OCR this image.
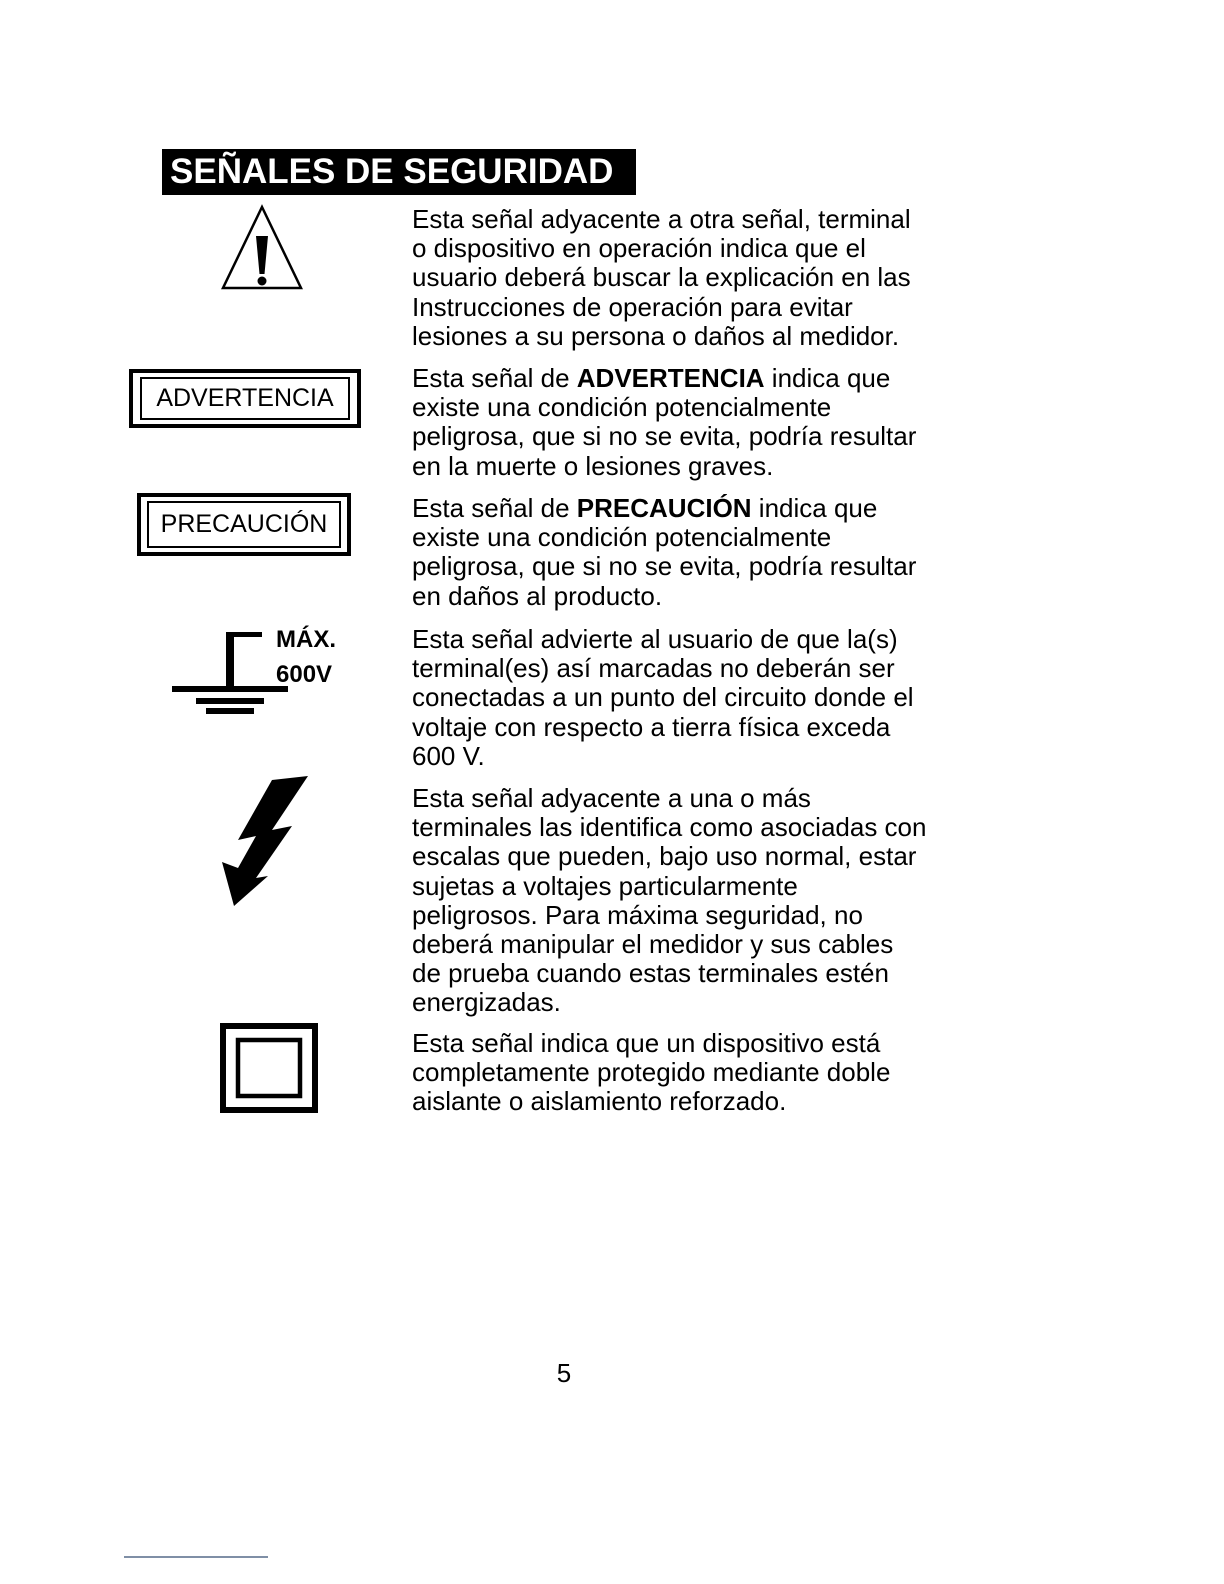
SEÑALES DE SEGURIDAD
Esta señal adyacente a otra señal, terminal
o dispositivo en operación indica que el
usuario deberá buscar la explicación en las
Instrucciones de operación para evitar
lesiones a su persona o daños al medidor.
ADVERTENCIA
Esta señal de ADVERTENCIA indica que
existe una condición potencialmente
peligrosa, que si no se evita, podría resultar
en la muerte o lesiones graves.
PRECAUCIÓN
Esta señal de PRECAUCIÓN indica que
existe una condición potencialmente
peligrosa, que si no se evita, podría resultar
en daños al producto.
MÁX.
600V
Esta señal advierte al usuario de que la(s)
terminal(es) así marcadas no deberán ser
conectadas a un punto del circuito donde el
voltaje con respecto a tierra física exceda
600 V.
Esta señal adyacente a una o más
terminales las identifica como asociadas con
escalas que pueden, bajo uso normal, estar
sujetas a voltajes particularmente
peligrosos. Para máxima seguridad, no
deberá manipular el medidor y sus cables
de prueba cuando estas terminales estén
energizadas.
Esta señal indica que un dispositivo está
completamente protegido mediante doble
aislante o aislamiento reforzado.
5
